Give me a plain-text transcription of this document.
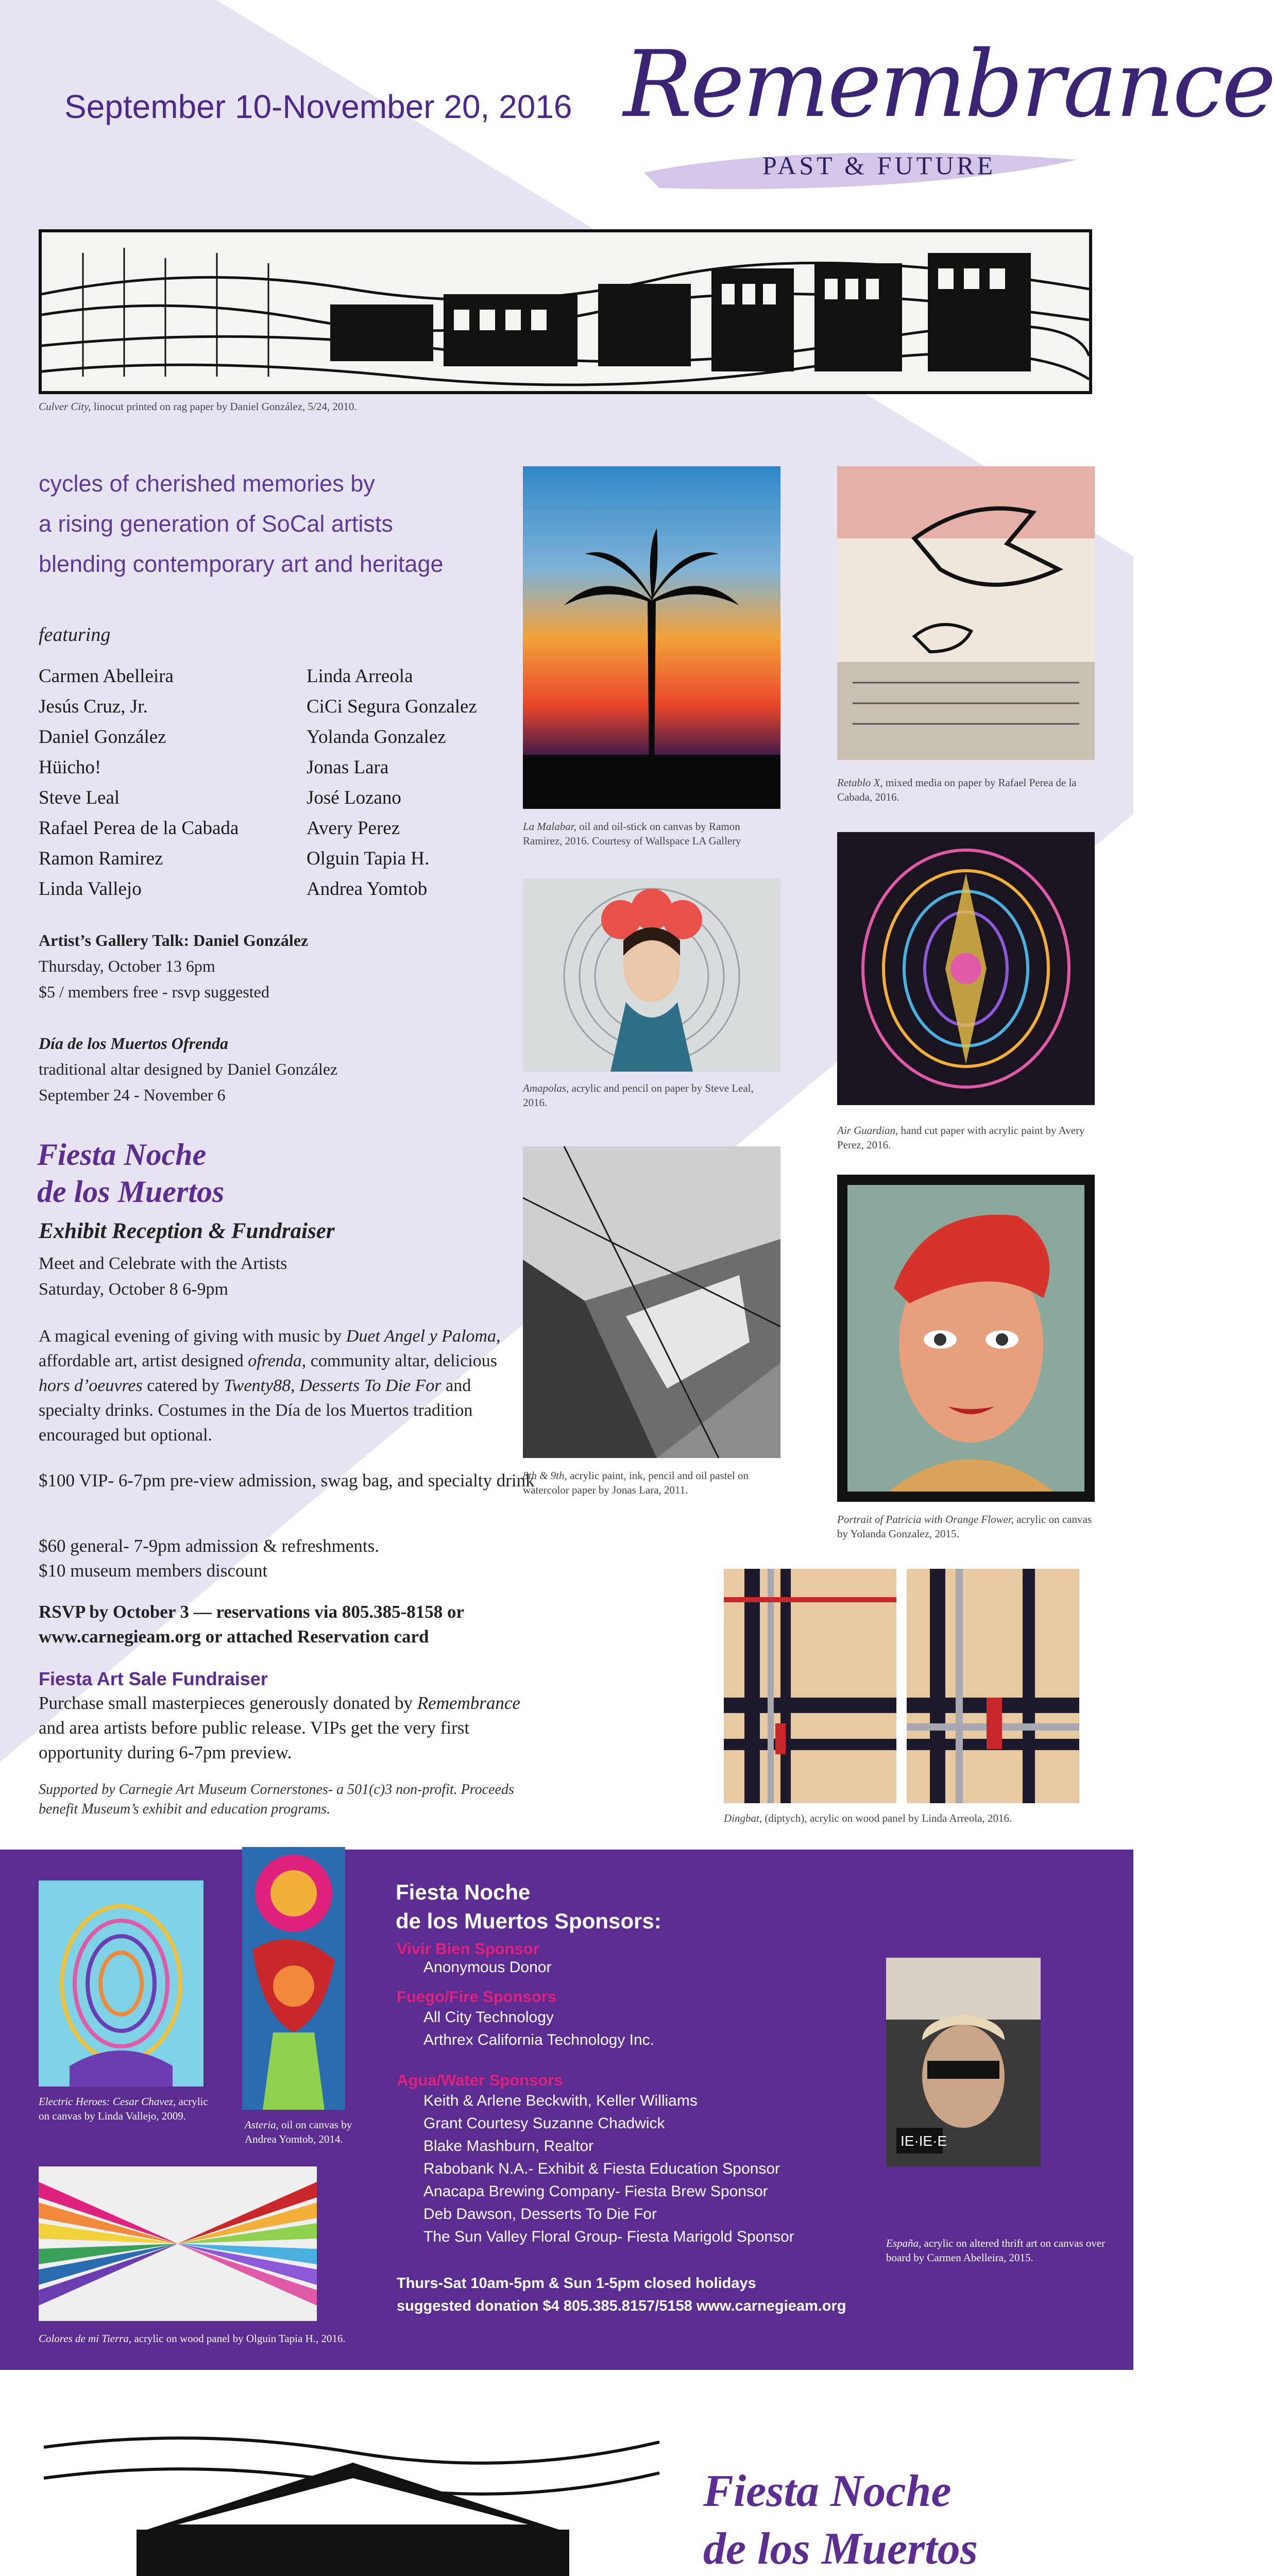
September 10-November 20, 2016 Remembrance
PAST & FUTURE
Culver City, linocut printed on rag paper by Daniel González, 5/24, 2010.
cycles of cherished memories by
a rising generation of SoCal artists
blending contemporary art and heritage
featuring
Carmen Abelleira
Jesús Cruz, Jr.
Daniel González
Hüicho!
Steve Leal
Rafael Perea de la Cabada
Ramon Ramirez
Linda Vallejo
Linda Arreola
CiCi Segura Gonzalez
Yolanda Gonzalez
Jonas Lara
José Lozano
Avery Perez
Olguin Tapia H.
Andrea Yomtob
Artist’s Gallery Talk: Daniel González
Thursday, October 13 6pm
$5 / members free - rsvp suggested
Día de los Muertos Ofrenda
traditional altar designed by Daniel González
September 24 - November 6
Fiesta Noche
de los Muertos
Exhibit Reception & Fundraiser
Meet and Celebrate with the Artists
Saturday, October 8 6-9pm
A magical evening of giving with music by Duet Angel y Paloma, affordable art, artist designed ofrenda, community altar, delicious hors d’oeuvres catered by Twenty88, Desserts To Die For and specialty drinks. Costumes in the Día de los Muertos tradition encouraged but optional.
$100 VIP- 6-7pm pre-view admission, swag bag, and specialty drink
$60 general- 7-9pm admission & refreshments.
$10 museum members discount
RSVP by October 3 — reservations via 805.385-8158 or www.carnegieam.org or attached Reservation card
Fiesta Art Sale Fundraiser
Purchase small masterpieces generously donated by Remembrance and area artists before public release. VIPs get the very first opportunity during 6-7pm preview.
Supported by Carnegie Art Museum Cornerstones- a 501(c)3 non-profit. Proceeds benefit Museum’s exhibit and education programs.
La Malabar, oil and oil-stick on canvas by Ramon Ramirez, 2016. Courtesy of Wallspace LA Gallery
Amapolas, acrylic and pencil on paper by Steve Leal, 2016.
8th & 9th, acrylic paint, ink, pencil and oil pastel on watercolor paper by Jonas Lara, 2011.
Retablo X, mixed media on paper by Rafael Perea de la Cabada, 2016.
Air Guardian, hand cut paper with acrylic paint by Avery Perez, 2016.
Portrait of Patricia with Orange Flower, acrylic on canvas by Yolanda Gonzalez, 2015.
Dingbat, (diptych), acrylic on wood panel by Linda Arreola, 2016.
Electric Heroes: Cesar Chavez, acrylic on canvas by Linda Vallejo, 2009.
Asteria, oil on canvas by Andrea Yomtob, 2014.
Colores de mi Tierra, acrylic on wood panel by Olguin Tapia H., 2016.
Fiesta Noche
de los Muertos Sponsors:
Vivir Bien Sponsor
Anonymous Donor
Fuego/Fire Sponsors
All City Technology
Arthrex California Technology Inc.
Agua/Water Sponsors
Keith & Arlene Beckwith, Keller Williams
Grant Courtesy Suzanne Chadwick
Blake Mashburn, Realtor
Rabobank N.A.- Exhibit & Fiesta Education Sponsor
Anacapa Brewing Company- Fiesta Brew Sponsor
Deb Dawson, Desserts To Die For
The Sun Valley Floral Group- Fiesta Marigold Sponsor
Thurs-Sat 10am-5pm & Sun 1-5pm closed holidays
suggested donation $4 805.385.8157/5158 www.carnegieam.org
IE·IE·E
España, acrylic on altered thrift art on canvas over board by Carmen Abelleira, 2015.
Fiesta Noche
de los Muertos
